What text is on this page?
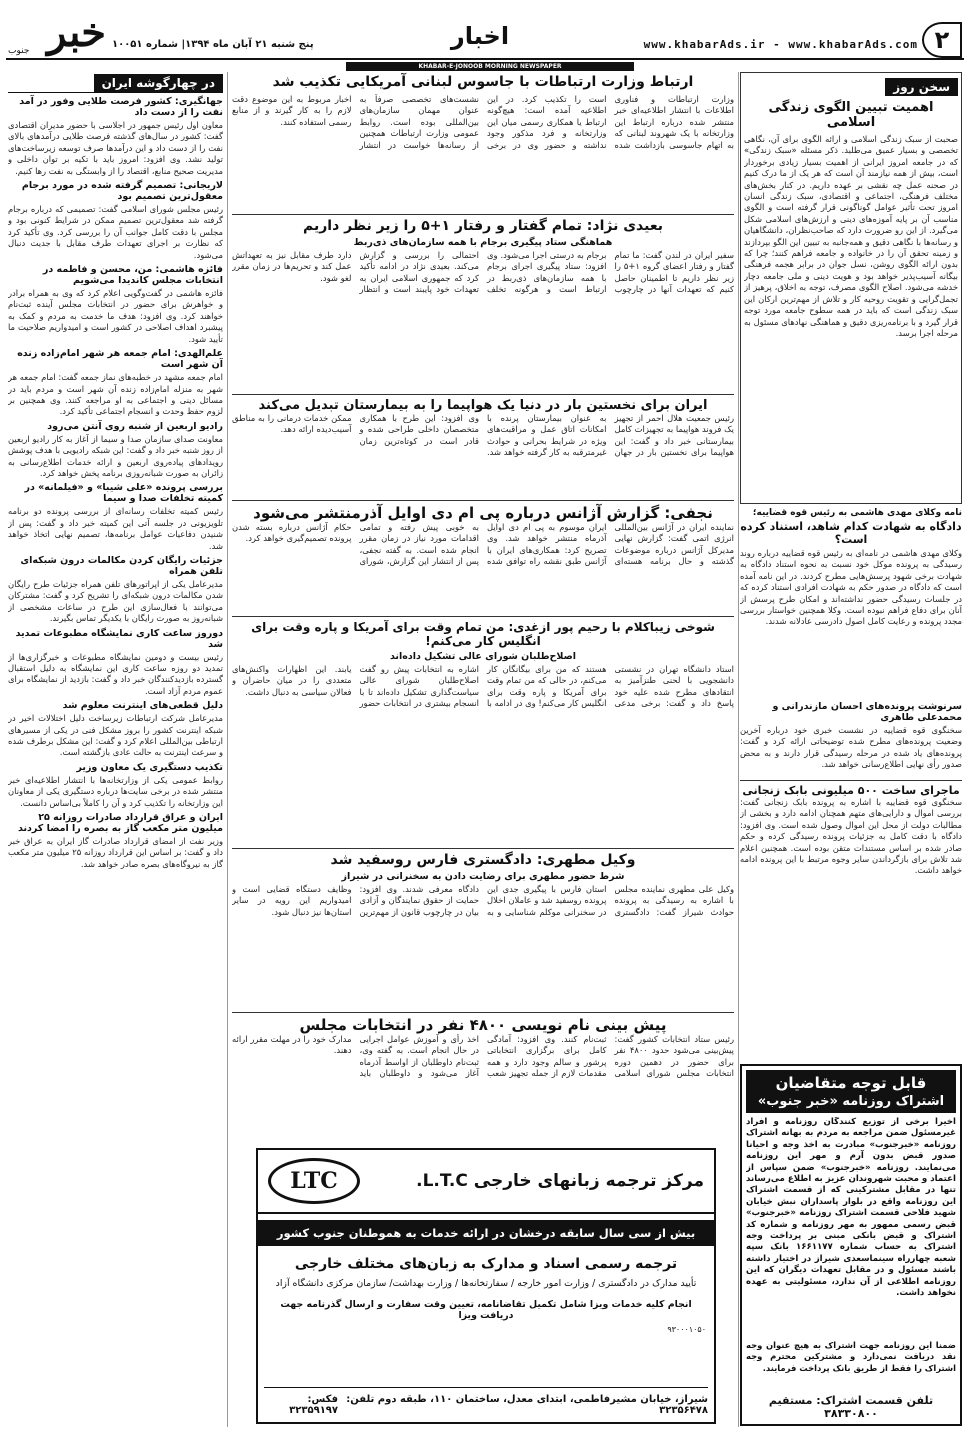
۲
www.khabarAds.ir - www.khabarAds.com
اخبار
پنج شنبه ۲۱ آبان ماه ۱۳۹۴| شماره ۱۰۰۵۱
خبر
جنوب
KHABAR-E-JONOOB MORNING NEWSPAPER
سخن روز
اهمیت تبیین الگوی زندگی اسلامی

صحبت از سبک زندگی اسلامی و ارائه الگوی برای آن، نگاهی تخصصی و بسیار عمیق می‌طلبد. ذکر مسئله «سبک زندگی» که در جامعه امروز ایرانی از اهمیت بسیار زیادی برخوردار است، بیش از همه نیازمند آن است که هر یک از ما درک کنیم در صحنه عمل چه نقشی بر عهده داریم. در کنار بخش‌های مختلف فرهنگی، اجتماعی و اقتصادی، سبک زندگی انسان امروز تحت تأثیر عوامل گوناگونی قرار گرفته است و الگوی مناسب آن بر پایه آموزه‌های دینی و ارزش‌های اسلامی شکل می‌گیرد. از این رو ضرورت دارد که صاحب‌نظران، دانشگاهیان و رسانه‌ها با نگاهی دقیق و همه‌جانبه به تبیین این الگو بپردازند و زمینه تحقق آن را در خانواده و جامعه فراهم کنند؛ چرا که بدون ارائه الگوی روشن، نسل جوان در برابر هجمه فرهنگی بیگانه آسیب‌پذیر خواهد بود و هویت دینی و ملی جامعه دچار خدشه می‌شود. اصلاح الگوی مصرف، توجه به اخلاق، پرهیز از تجمل‌گرایی و تقویت روحیه کار و تلاش از مهم‌ترین ارکان این سبک زندگی است که باید در همه سطوح جامعه مورد توجه قرار گیرد و با برنامه‌ریزی دقیق و هماهنگی نهادهای مسئول به مرحله اجرا برسد.

نامه وکلای مهدی هاشمی به رئیس قوه قضاییه؛
دادگاه به شهادت کدام شاهد، استناد کرده است؟

وکلای مهدی هاشمی در نامه‌ای به رئیس قوه قضاییه درباره روند رسیدگی به پرونده موکل خود نسبت به نحوه استناد دادگاه به شهادت برخی شهود پرسش‌هایی مطرح کردند. در این نامه آمده است که دادگاه در صدور حکم به شهادت افرادی استناد کرده که در جلسات رسیدگی حضور نداشته‌اند و امکان طرح پرسش از آنان برای دفاع فراهم نبوده است. وکلا همچنین خواستار بررسی مجدد پرونده و رعایت کامل اصول دادرسی عادلانه شدند.

سرنوشت پرونده‌های احسان مازندرانی و محمدعلی طاهری

سخنگوی قوه قضاییه در نشست خبری خود درباره آخرین وضعیت پرونده‌های مطرح شده توضیحاتی ارائه کرد و گفت: پرونده‌های یاد شده در مرحله رسیدگی قرار دارند و به محض صدور رأی نهایی اطلاع‌رسانی خواهد شد.

ماجرای ساخت ۵۰۰ میلیونی بابک زنجانی

سخنگوی قوه قضاییه با اشاره به پرونده بابک زنجانی گفت: بررسی اموال و دارایی‌های متهم همچنان ادامه دارد و بخشی از مطالبات دولت از محل این اموال وصول شده است. وی افزود: دادگاه با دقت کامل به جزئیات پرونده رسیدگی کرده و حکم صادر شده بر اساس مستندات متقن بوده است. همچنین اعلام شد تلاش برای بازگرداندن سایر وجوه مرتبط با این پرونده ادامه خواهد داشت.

قابل توجه متقاضیان
اشتراک روزنامه «خبر جنوب»

اخیرا برخی از توزیع کنندگان روزنامه و افراد غیرمسئول ضمن مراجعه به مردم به بهانه اشتراک روزنامه «خبرجنوب» مبادرت به اخذ وجه و احیانا صدور قبض بدون آرم و مهر این روزنامه می‌نمایند. روزنامه «خبرجنوب» ضمن سپاس از اعتماد و محبت شهروندان عزیز به اطلاع می‌رساند تنها در مقابل مشترکینی که از قسمت اشتراک این روزنامه واقع در بلوار پاسداران نبش خیابان شهید فلاحی قسمت اشتراک روزنامه «خبرجنوب» قبض رسمی ممهور به مهر روزنامه و شماره کد اشتراک و قبض بانکی مبنی بر پرداخت وجه اشتراک به حساب شماره ۱۶۶۱۱۷۷ بانک سپه شعبه چهارراه سینماسعدی شیراز در اختیار داشته باشند مسئول و در مقابل تعهدات دیگران که این روزنامه اطلاعی از آن ندارد، مسئولیتی به عهده نخواهد داشت.

ضمنا این روزنامه جهت اشتراک به هیچ عنوان وجه نقد دریافت نمی‌دارد و مشترکین محترم وجه اشتراک را فقط از طریق بانک پرداخت فرمایند.

تلفن قسمت اشتراک: مستقیم ۳۸۳۳۰۸۰۰
ارتباط وزارت ارتباطات با جاسوس لبنانی آمریکایی تکذیب شد

وزارت ارتباطات و فناوری اطلاعات با انتشار اطلاعیه‌ای خبر منتشر شده درباره ارتباط این وزارتخانه با یک شهروند لبنانی که به اتهام جاسوسی بازداشت شده است را تکذیب کرد. در این اطلاعیه آمده است: هیچ‌گونه ارتباط یا همکاری رسمی میان این وزارتخانه و فرد مذکور وجود نداشته و حضور وی در برخی نشست‌های تخصصی صرفاً به عنوان مهمان سازمان‌های بین‌المللی بوده است. روابط عمومی وزارت ارتباطات همچنین از رسانه‌ها خواست در انتشار اخبار مربوط به این موضوع دقت لازم را به کار گیرند و از منابع رسمی استفاده کنند.

بعیدی نژاد: تمام گفتار و رفتار ۱+۵ را زیر نظر داریم
هماهنگی ستاد پیگیری برجام با همه سازمان‌های ذی‌ربط

سفیر ایران در لندن گفت: ما تمام گفتار و رفتار اعضای گروه ۱+۵ را زیر نظر داریم تا اطمینان حاصل کنیم که تعهدات آنها در چارچوب برجام به درستی اجرا می‌شود. وی افزود: ستاد پیگیری اجرای برجام با همه سازمان‌های ذی‌ربط در ارتباط است و هرگونه تخلف احتمالی را بررسی و گزارش می‌کند. بعیدی نژاد در ادامه تأکید کرد که جمهوری اسلامی ایران به تعهدات خود پایبند است و انتظار دارد طرف مقابل نیز به تعهداتش عمل کند و تحریم‌ها در زمان مقرر لغو شود.

ایران برای نخستین بار در دنیا یک هواپیما را به بیمارستان تبدیل می‌کند

رئیس جمعیت هلال احمر از تجهیز یک فروند هواپیما به تجهیزات کامل بیمارستانی خبر داد و گفت: این هواپیما برای نخستین بار در جهان به عنوان بیمارستان پرنده با امکانات اتاق عمل و مراقبت‌های ویژه در شرایط بحرانی و حوادث غیرمترقبه به کار گرفته خواهد شد. وی افزود: این طرح با همکاری متخصصان داخلی طراحی شده و قادر است در کوتاه‌ترین زمان ممکن خدمات درمانی را به مناطق آسیب‌دیده ارائه دهد.

نجفی: گزارش آژانس درباره پی ام دی اوایل آذرمنتشر می‌شود

نماینده ایران در آژانس بین‌المللی انرژی اتمی گفت: گزارش نهایی مدیرکل آژانس درباره موضوعات گذشته و حال برنامه هسته‌ای ایران موسوم به پی ام دی اوایل آذرماه منتشر خواهد شد. وی تصریح کرد: همکاری‌های ایران با آژانس طبق نقشه راه توافق شده به خوبی پیش رفته و تمامی اقدامات مورد نیاز در زمان مقرر انجام شده است. به گفته نجفی، پس از انتشار این گزارش، شورای حکام آژانس درباره بسته شدن پرونده تصمیم‌گیری خواهد کرد.

شوخی زیباکلام با رحیم پور ازغدی: من تمام وقت برای آمریکا و پاره وقت برای انگلیس کار می‌کنم!
اصلاح‌طلبان شورای عالی تشکیل داده‌اند

استاد دانشگاه تهران در نشستی دانشجویی با لحنی طنزآمیز به انتقادهای مطرح شده علیه خود پاسخ داد و گفت: برخی مدعی هستند که من برای بیگانگان کار می‌کنم، در حالی که من تمام وقت برای آمریکا و پاره وقت برای انگلیس کار می‌کنم! وی در ادامه با اشاره به انتخابات پیش رو گفت اصلاح‌طلبان شورای عالی سیاست‌گذاری تشکیل داده‌اند تا با انسجام بیشتری در انتخابات حضور یابند. این اظهارات واکنش‌های متعددی را در میان حاضران و فعالان سیاسی به دنبال داشت.

وکیل مطهری: دادگستری فارس روسفید شد
شرط حضور مطهری برای رضایت دادن به سخنرانی در شیراز

وکیل علی مطهری نماینده مجلس با اشاره به رسیدگی به پرونده حوادث شیراز گفت: دادگستری استان فارس با پیگیری جدی این پرونده روسفید شد و عاملان اخلال در سخنرانی موکلم شناسایی و به دادگاه معرفی شدند. وی افزود: حمایت از حقوق نمایندگان و آزادی بیان در چارچوب قانون از مهم‌ترین وظایف دستگاه قضایی است و امیدواریم این رویه در سایر استان‌ها نیز دنبال شود.

پیش بینی نام نویسی ۴۸۰۰ نفر در انتخابات مجلس

رئیس ستاد انتخابات کشور گفت: پیش‌بینی می‌شود حدود ۴۸۰۰ نفر برای حضور در دهمین دوره انتخابات مجلس شورای اسلامی ثبت‌نام کنند. وی افزود: آمادگی کامل برای برگزاری انتخاباتی پرشور و سالم وجود دارد و همه مقدمات لازم از جمله تجهیز شعب اخذ رأی و آموزش عوامل اجرایی در حال انجام است. به گفته وی، ثبت‌نام داوطلبان از اواسط آذرماه آغاز می‌شود و داوطلبان باید مدارک خود را در مهلت مقرر ارائه دهند.

مرکز ترجمه زبانهای خارجی L.T.C.
LTC
بیش از سی سال سابقه درخشان در ارائه خدمات به هموطنان جنوب کشور
ترجمه رسمی اسناد و مدارک به زبان‌های مختلف خارجی
تأیید مدارک در دادگستری / وزارت امور خارجه / سفارتخانه‌ها / وزارت بهداشت/ سازمان مرکزی دانشگاه آزاد
انجام کلیه خدمات ویزا شامل تکمیل تقاضانامه، تعیین وقت سفارت و ارسال گذرنامه جهت دریافت ویزا
۹۳۰۰۰۱۰۵۰
شیراز، خیابان مشیرفاطمی، ابتدای معدل، ساختمان ۱۱۰، طبقه دوم تلفن: ۳۲۳۵۶۴۷۸
فکس: ۳۲۳۵۹۱۹۷
در چهارگوشه ایران
جهانگیری: کشور فرصت طلایی وفور در آمد نفت را از دست داد

معاون اول رئیس جمهور در اجلاسی با حضور مدیران اقتصادی گفت: کشور در سال‌های گذشته فرصت طلایی درآمدهای بالای نفت را از دست داد و این درآمدها صرف توسعه زیرساخت‌های تولید نشد. وی افزود: امروز باید با تکیه بر توان داخلی و مدیریت صحیح منابع، اقتصاد را از وابستگی به نفت رها کنیم.

لاریجانی: تصمیم گرفته شده در مورد برجام معقول‌ترین تصمیم بود

رئیس مجلس شورای اسلامی گفت: تصمیمی که درباره برجام گرفته شد معقول‌ترین تصمیم ممکن در شرایط کنونی بود و مجلس با دقت کامل جوانب آن را بررسی کرد. وی تأکید کرد که نظارت بر اجرای تعهدات طرف مقابل با جدیت دنبال می‌شود.

فائزه هاشمی: من، محسن و فاطمه در انتخابات مجلس کاندیدا می‌شویم

فائزه هاشمی در گفت‌وگویی اعلام کرد که وی به همراه برادر و خواهرش برای حضور در انتخابات مجلس آینده ثبت‌نام خواهند کرد. وی افزود: هدف ما خدمت به مردم و کمک به پیشبرد اهداف اصلاحی در کشور است و امیدواریم صلاحیت ما تأیید شود.

علم‌الهدی: امام جمعه هر شهر امام‌زاده زنده آن شهر است

امام جمعه مشهد در خطبه‌های نماز جمعه گفت: امام جمعه هر شهر به منزله امام‌زاده زنده آن شهر است و مردم باید در مسائل دینی و اجتماعی به او مراجعه کنند. وی همچنین بر لزوم حفظ وحدت و انسجام اجتماعی تأکید کرد.

رادیو اربعین از شنبه روی آنتن می‌رود

معاونت صدای سازمان صدا و سیما از آغاز به کار رادیو اربعین از روز شنبه خبر داد و گفت: این شبکه رادیویی با هدف پوشش رویدادهای پیاده‌روی اربعین و ارائه خدمات اطلاع‌رسانی به زائران به صورت شبانه‌روزی برنامه پخش خواهد کرد.

بررسی پرونده «علی شیبا» و «فیلمانه» در کمیته تخلفات صدا و سیما

رئیس کمیته تخلفات رسانه‌ای از بررسی پرونده دو برنامه تلویزیونی در جلسه آتی این کمیته خبر داد و گفت: پس از شنیدن دفاعیات عوامل برنامه‌ها، تصمیم نهایی اتخاذ خواهد شد.

جزئیات رایگان کردن مکالمات درون شبکه‌ای تلفن همراه

مدیرعامل یکی از اپراتورهای تلفن همراه جزئیات طرح رایگان شدن مکالمات درون شبکه‌ای را تشریح کرد و گفت: مشترکان می‌توانند با فعال‌سازی این طرح در ساعات مشخصی از شبانه‌روز به صورت رایگان با یکدیگر تماس بگیرند.

دوروز ساعت کاری نمایشگاه مطبوعات تمدید شد

رئیس بیست و دومین نمایشگاه مطبوعات و خبرگزاری‌ها از تمدید دو روزه ساعت کاری این نمایشگاه به دلیل استقبال گسترده بازدیدکنندگان خبر داد و گفت: بازدید از نمایشگاه برای عموم مردم آزاد است.

دلیل قطعی‌های اینترنت معلوم شد

مدیرعامل شرکت ارتباطات زیرساخت دلیل اختلالات اخیر در شبکه اینترنت کشور را بروز مشکل فنی در یکی از مسیرهای ارتباطی بین‌المللی اعلام کرد و گفت: این مشکل برطرف شده و سرعت اینترنت به حالت عادی بازگشته است.

تکذیب دستگیری یک معاون وزیر

روابط عمومی یکی از وزارتخانه‌ها با انتشار اطلاعیه‌ای خبر منتشر شده در برخی سایت‌ها درباره دستگیری یکی از معاونان این وزارتخانه را تکذیب کرد و آن را کاملاً بی‌اساس دانست.

ایران و عراق قرارداد صادرات روزانه ۲۵ میلیون متر مکعب گاز به بصره را امضا کردند

وزیر نفت از امضای قرارداد صادرات گاز ایران به عراق خبر داد و گفت: بر اساس این قرارداد روزانه ۲۵ میلیون متر مکعب گاز به نیروگاه‌های بصره صادر خواهد شد.
